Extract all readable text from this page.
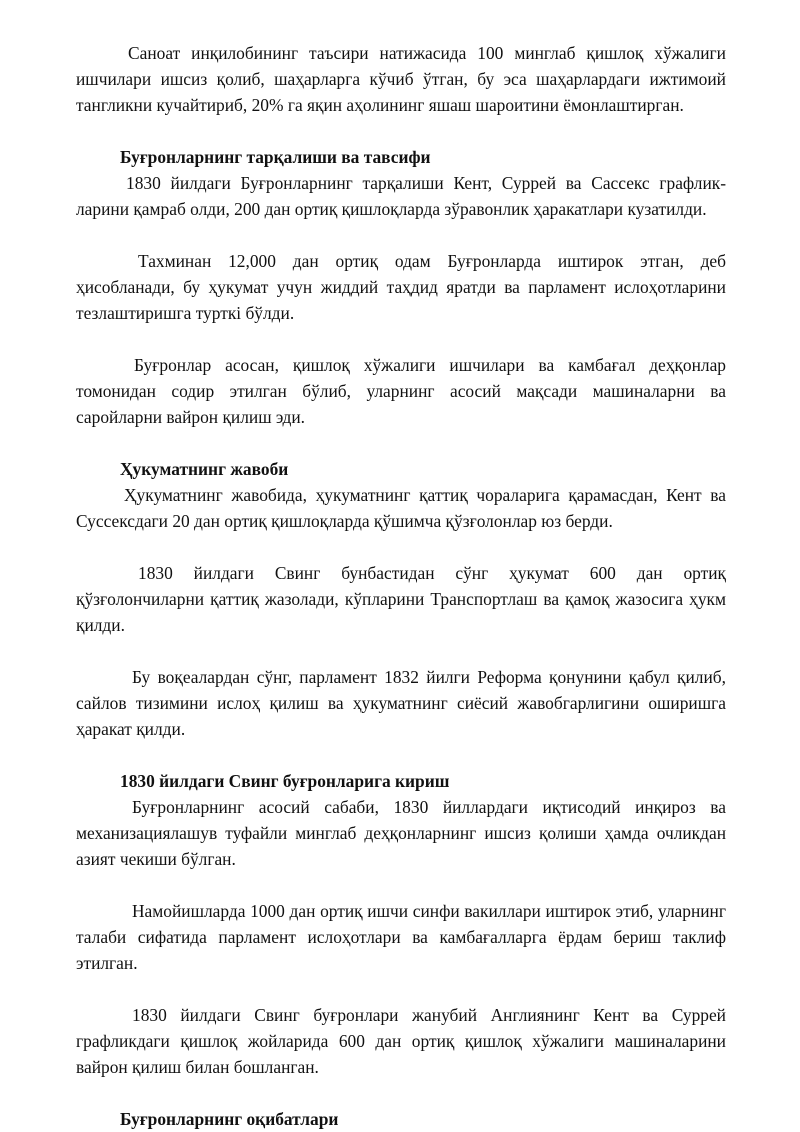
Саноат инқилобининг таъсири натижасида 100 минглаб қишлоқ хўжалиги ишчилари ишсиз қолиб, шаҳарларга кўчиб ўтган, бу эса шаҳарлардаги ижтимоий тангликни кучайтириб, 20% га яқин аҳолининг яшаш шароитини ёмонлаштирган.

Буғронларнинг тарқалиши ва тавсифи

1830 йилдаги Буғронларнинг тарқалиши Кент, Суррей ва Сассекс графлик-ларини қамраб олди, 200 дан ортиқ қишлоқларда зўравонлик ҳаракатлари кузатилди.

Тахминан 12,000 дан ортиқ одам Буғронларда иштирок этган, деб ҳисобланади, бу ҳукумат учун жиддий таҳдид яратди ва парламент ислоҳотларини тезлаштиришга турткi бўлди.

Буғронлар асосан, қишлоқ хўжалиги ишчилари ва камбағал деҳқонлар томонидан содир этилган бўлиб, уларнинг асосий мақсади машиналарни ва саройларни вайрон қилиш эди.

Ҳукуматнинг жавоби

Ҳукуматнинг жавобида, ҳукуматнинг қаттиқ чораларига қарамасдан, Кент ва Суссексдаги 20 дан ортиқ қишлоқларда қўшимча қўзғолонлар юз берди.

1830 йилдаги Свинг бунбастидан сўнг ҳукумат 600 дан ортиқ қўзғолончиларни қаттиқ жазолади, кўпларини Транспортлаш ва қамоқ жазосига ҳукм қилди.

Бу воқеалардан сўнг, парламент 1832 йилги Реформа қонунини қабул қилиб, сайлов тизимини ислоҳ қилиш ва ҳукуматнинг сиёсий жавобгарлигини оширишга ҳаракат қилди.

1830 йилдаги Свинг буғронларига кириш

Буғронларнинг асосий сабаби, 1830 йиллардаги иқтисодий инқироз ва механизациялашув туфайли минглаб деҳқонларнинг ишсиз қолиши ҳамда очликдан азият чекиши бўлган.

Намойишларда 1000 дан ортиқ ишчи синфи вакиллари иштирок этиб, уларнинг талаби сифатида парламент ислоҳотлари ва камбағалларга ёрдам бериш таклиф этилган.

1830 йилдаги Свинг буғронлари жанубий Англиянинг Кент ва Суррей графликдаги қишлоқ жойларида 600 дан ортиқ қишлоқ хўжалиги машиналарини вайрон қилиш билан бошланган.

Буғронларнинг оқибатлари
